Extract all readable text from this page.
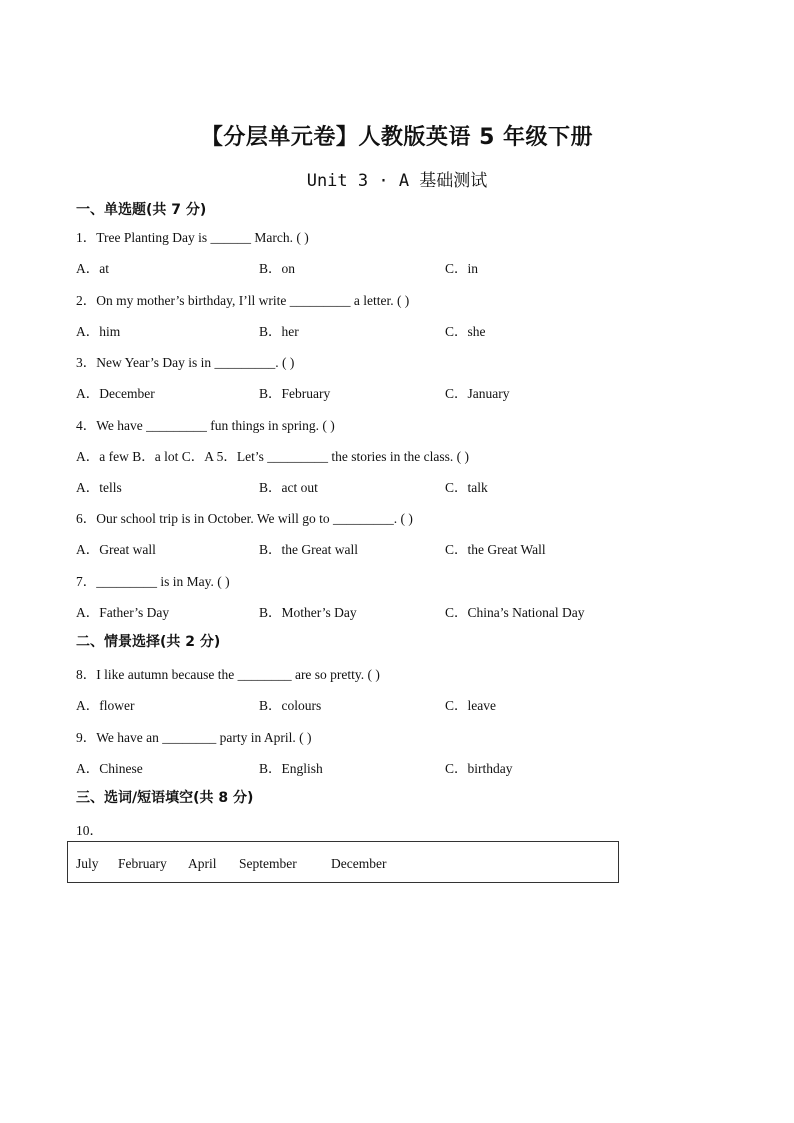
【分层单元卷】人教版英语 5 年级下册
Unit 3 · A 基础测试
一、单选题(共 7 分)
1．Tree Planting Day is ______ March. ( )
A．at	B．on	C．in
2．On my mother’s birthday, I’ll write _________ a letter. ( )
A．him	B．her	C．she
3．New Year’s Day is in _________. ( )
A．December	B．February	C．January
4．We have _________ fun things in spring. ( )
A．a few B．a lot C．A 5．Let’s _________ the stories in the class. ( )
A．tells	B．act out	C．talk
6．Our school trip is in October. We will go to _________. ( )
A．Great wall	B．the Great wall	C．the Great Wall
7．_________ is in May. ( )
A．Father’s Day	B．Mother’s Day	C．China’s National Day
二、情景选择(共 2 分)
8．I like autumn because the ________ are so pretty. ( )
A．flower	B．colours	C．leave
9．We have an ________ party in April. ( )
A．Chinese	B．English	C．birthday
三、选词/短语填空(共 8 分)
10．
July February April September	December
